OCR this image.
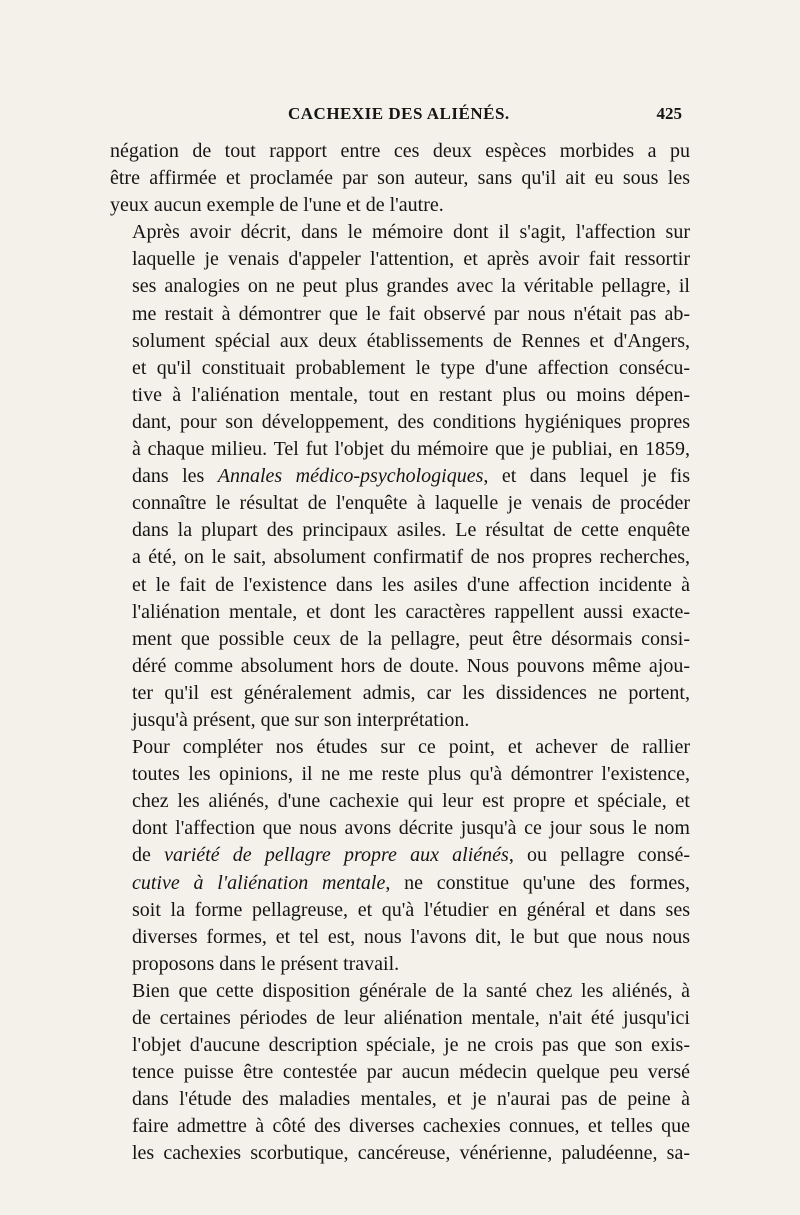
CACHEXIE DES ALIÉNÉS.	425

négation de tout rapport entre ces deux espèces morbides a pu
être affirmée et proclamée par son auteur, sans qu'il ait eu sous les
yeux aucun exemple de l'une et de l'autre.

Après avoir décrit, dans le mémoire dont il s'agit, l'affection sur
laquelle je venais d'appeler l'attention, et après avoir fait ressortir
ses analogies on ne peut plus grandes avec la véritable pellagre, il
me restait à démontrer que le fait observé par nous n'était pas ab-
solument spécial aux deux établissements de Rennes et d'Angers,
et qu'il constituait probablement le type d'une affection consécu-
tive à l'aliénation mentale, tout en restant plus ou moins dépen-
dant, pour son développement, des conditions hygiéniques propres
à chaque milieu. Tel fut l'objet du mémoire que je publiai, en 1859,
dans les Annales médico-psychologiques, et dans lequel je fis
connaître le résultat de l'enquête à laquelle je venais de procéder
dans la plupart des principaux asiles. Le résultat de cette enquête
a été, on le sait, absolument confirmatif de nos propres recherches,
et le fait de l'existence dans les asiles d'une affection incidente à
l'aliénation mentale, et dont les caractères rappellent aussi exacte-
ment que possible ceux de la pellagre, peut être désormais consi-
déré comme absolument hors de doute. Nous pouvons même ajou-
ter qu'il est généralement admis, car les dissidences ne portent,
jusqu'à présent, que sur son interprétation.

Pour compléter nos études sur ce point, et achever de rallier
toutes les opinions, il ne me reste plus qu'à démontrer l'existence,
chez les aliénés, d'une cachexie qui leur est propre et spéciale, et
dont l'affection que nous avons décrite jusqu'à ce jour sous le nom
de variété de pellagre propre aux aliénés, ou pellagre consé-
cutive à l'aliénation mentale, ne constitue qu'une des formes,
soit la forme pellagreuse, et qu'à l'étudier en général et dans ses
diverses formes, et tel est, nous l'avons dit, le but que nous nous
proposons dans le présent travail.

Bien que cette disposition générale de la santé chez les aliénés, à
de certaines périodes de leur aliénation mentale, n'ait été jusqu'ici
l'objet d'aucune description spéciale, je ne crois pas que son exis-
tence puisse être contestée par aucun médecin quelque peu versé
dans l'étude des maladies mentales, et je n'aurai pas de peine à
faire admettre à côté des diverses cachexies connues, et telles que
les cachexies scorbutique, cancéreuse, vénérienne, paludéenne, sa-
